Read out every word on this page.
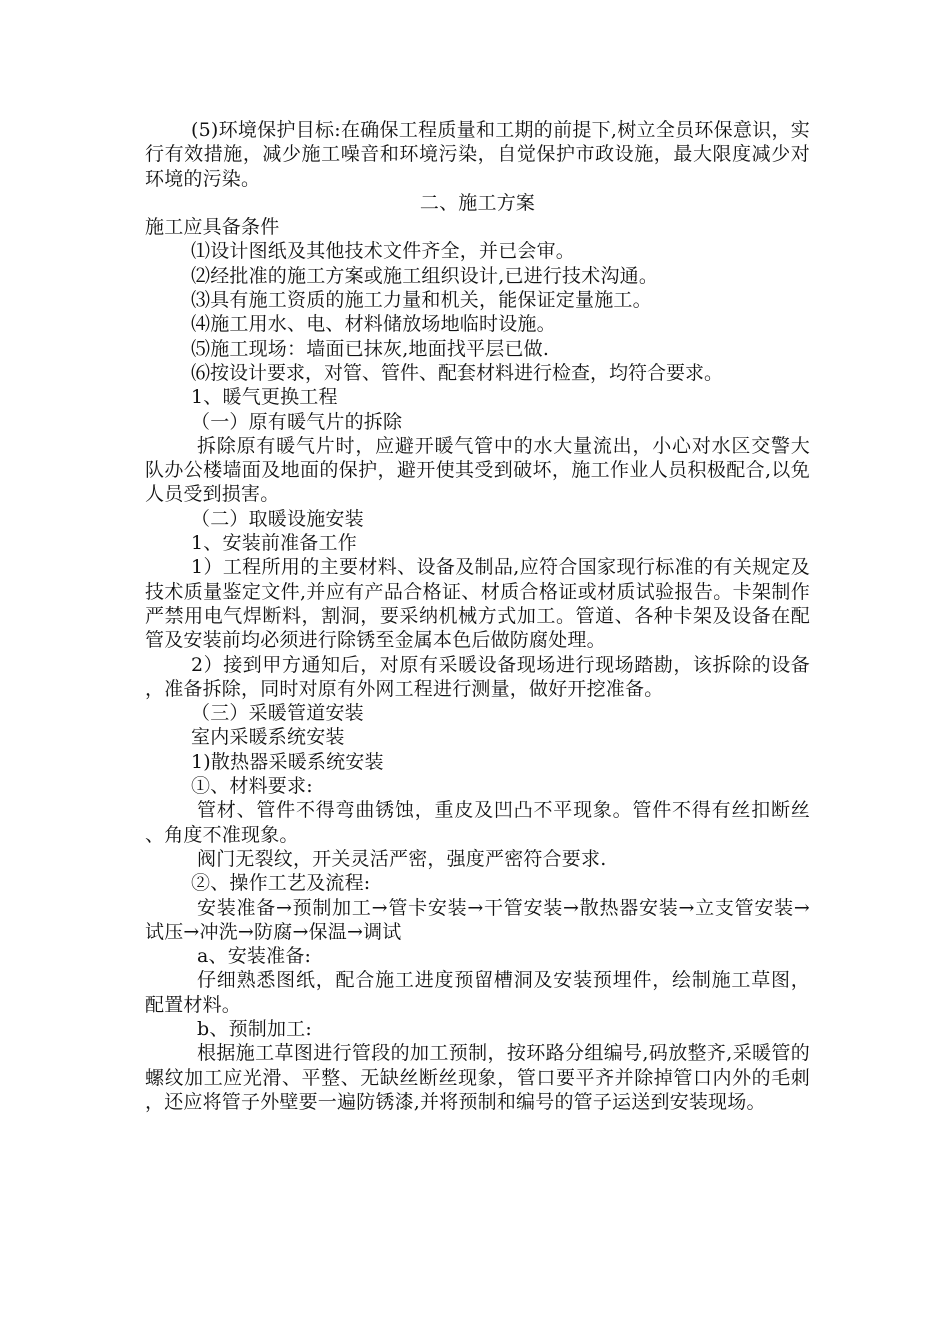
(5)环境保护目标:在确保工程质量和工期的前提下,树立全员环保意识，实行有效措施，减少施工噪音和环境污染，自觉保护市政设施，最大限度减少对环境的污染。

二、施工方案

施工应具备条件

⑴设计图纸及其他技术文件齐全，并已会审。

⑵经批准的施工方案或施工组织设计,已进行技术沟通。

⑶具有施工资质的施工力量和机关，能保证定量施工。

⑷施工用水、电、材料储放场地临时设施。

⑸施工现场：墙面已抹灰,地面找平层已做.

⑹按设计要求，对管、管件、配套材料进行检查，均符合要求。

1、暖气更换工程

（一）原有暖气片的拆除

拆除原有暖气片时，应避开暖气管中的水大量流出，小心对水区交警大队办公楼墙面及地面的保护，避开使其受到破坏，施工作业人员积极配合,以免人员受到损害。

（二）取暖设施安装

1、安装前准备工作

1）工程所用的主要材料、设备及制品,应符合国家现行标准的有关规定及技术质量鉴定文件,并应有产品合格证、材质合格证或材质试验报告。卡架制作严禁用电气焊断料，割洞，要采纳机械方式加工。管道、各种卡架及设备在配管及安装前均必须进行除锈至金属本色后做防腐处理。

2）接到甲方通知后，对原有采暖设备现场进行现场踏勘，该拆除的设备，准备拆除，同时对原有外网工程进行测量，做好开挖准备。

（三）采暖管道安装

室内采暖系统安装

1)散热器采暖系统安装

①、材料要求:

管材、管件不得弯曲锈蚀，重皮及凹凸不平现象。管件不得有丝扣断丝、角度不准现象。

阀门无裂纹，开关灵活严密，强度严密符合要求.

②、操作工艺及流程:

安装准备→预制加工→管卡安装→干管安装→散热器安装→立支管安装→试压→冲洗→防腐→保温→调试

a、安装准备:

仔细熟悉图纸，配合施工进度预留槽洞及安装预埋件，绘制施工草图，配置材料。

b、预制加工:

根据施工草图进行管段的加工预制，按环路分组编号,码放整齐,采暖管的螺纹加工应光滑、平整、无缺丝断丝现象，管口要平齐并除掉管口内外的毛刺，还应将管子外壁要一遍防锈漆,并将预制和编号的管子运送到安装现场。
